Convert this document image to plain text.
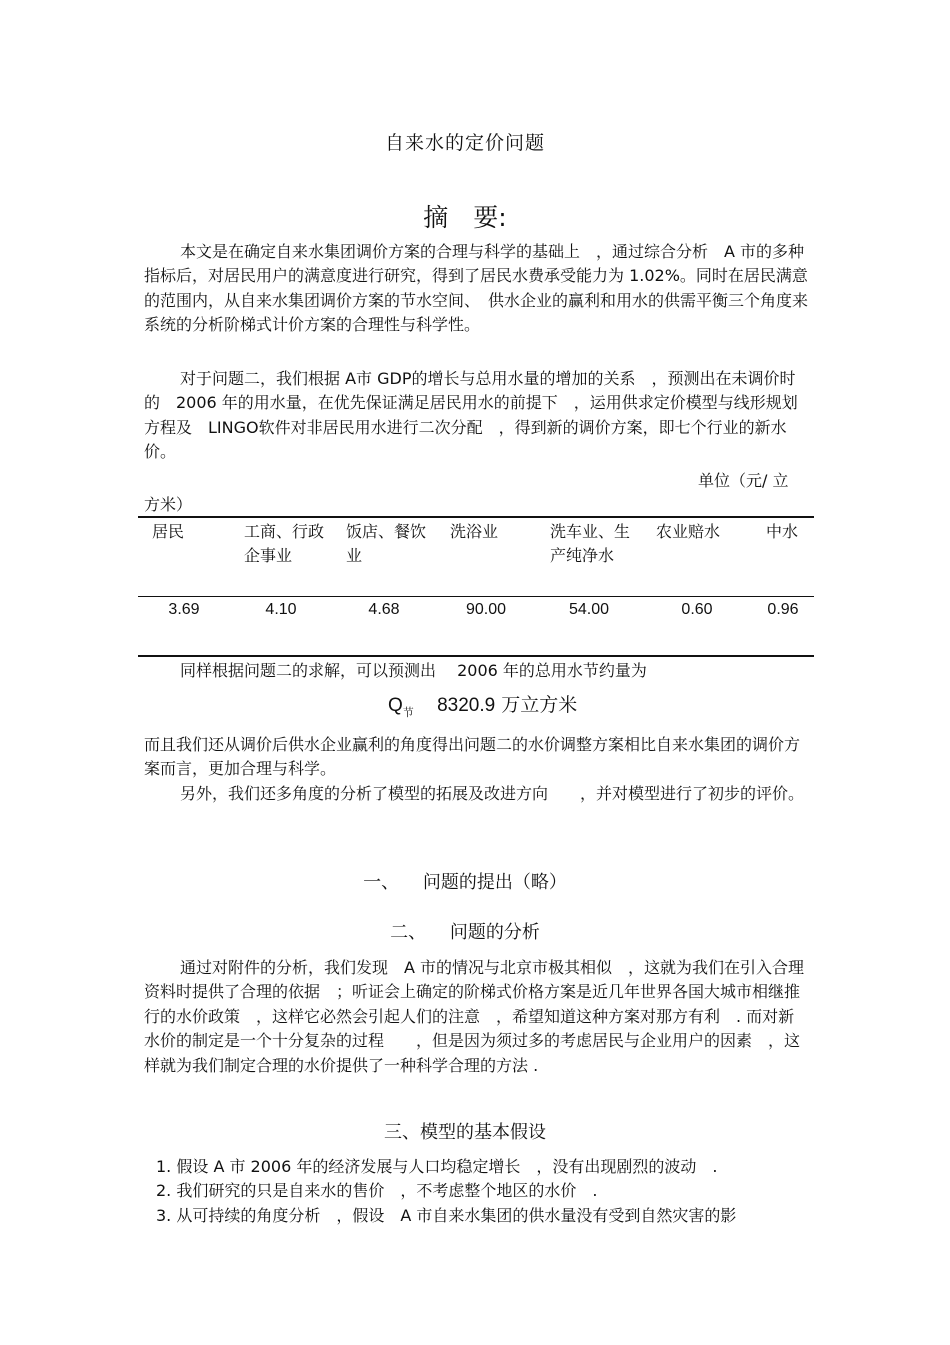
自来水的定价问题
摘　要:

本文是在确定自来水集团调价方案的合理与科学的基础上　，通过综合分析　A 市的多种指标后，对居民用户的满意度进行研究，得到了居民水费承受能力为 1.02%。同时在居民满意的范围内，从自来水集团调价方案的节水空间、　供水企业的赢利和用水的供需平衡三个角度来系统的分析阶梯式计价方案的合理性与科学性。

对于问题二，我们根据 A市 GDP的增长与总用水量的增加的关系　，预测出在未调价时的　2006 年的用水量，在优先保证满足居民用水的前提下　，运用供求定价模型与线形规划方程及　LINGO软件对非居民用水进行二次分配　，得到新的调价方案，即七个行业的新水价。

单位（元/ 立
方米）
居民	工商、行政企事业	饭店、餐饮业	洗浴业	洗车业、生产纯净水	农业赔水	中水
3.69	4.10	4.68	90.00	54.00	0.60	0.96
同样根据问题二的求解，可以预测出　 2006 年的总用水节约量为
$Q_节$ 8320.9 万立方米

而且我们还从调价后供水企业赢利的角度得出问题二的水价调整方案相比自来水集团的调价方案而言，更加合理与科学。

另外，我们还多角度的分析了模型的拓展及改进方向　　，并对模型进行了初步的评价。

一、 问题的提出（略）
二、 问题的分析

通过对附件的分析，我们发现　A 市的情况与北京市极其相似　，这就为我们在引入合理资料时提供了合理的依据　；听证会上确定的阶梯式价格方案是近几年世界各国大城市相继推行的水价政策　，这样它必然会引起人们的注意　，希望知道这种方案对那方有利　. 而对新水价的制定是一个十分复杂的过程　　，但是因为须过多的考虑居民与企业用户的因素　，这样就为我们制定合理的水价提供了一种科学合理的方法 .

三、模型的基本假设
1. 假设 A 市 2006 年的经济发展与人口均稳定增长　，没有出现剧烈的波动　.
2. 我们研究的只是自来水的售价　，不考虑整个地区的水价　.
3. 从可持续的角度分析　，假设　A 市自来水集团的供水量没有受到自然灾害的影
